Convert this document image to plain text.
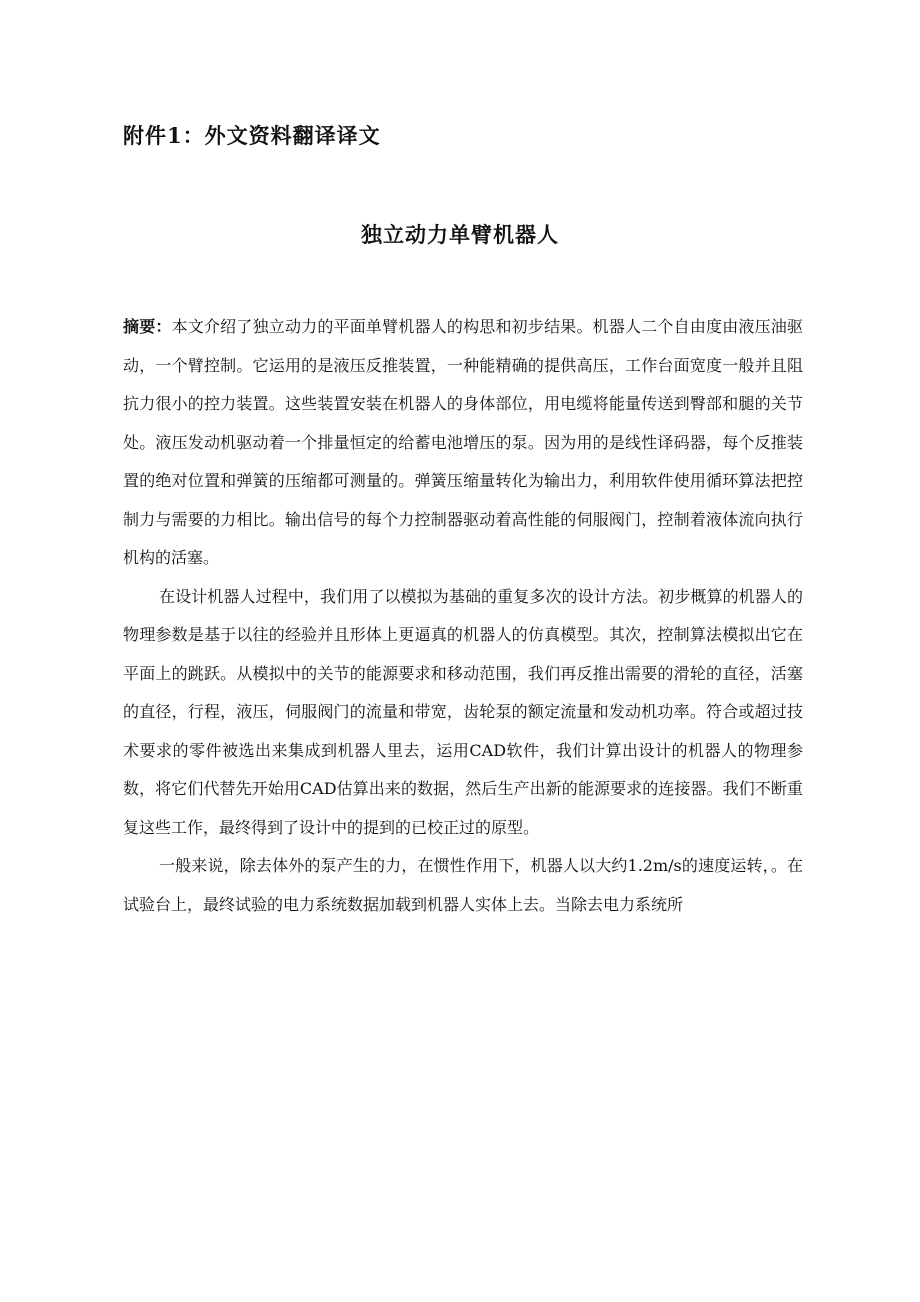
附件1：外文资料翻译译文
独立动力单臂机器人

摘要：本文介绍了独立动力的平面单臂机器人的构思和初步结果。机器人二个自由度由液压油驱动，一个臂控制。它运用的是液压反推装置，一种能精确的提供高压，工作台面宽度一般并且阻抗力很小的控力装置。这些装置安装在机器人的身体部位，用电缆将能量传送到臀部和腿的关节处。液压发动机驱动着一个排量恒定的给蓄电池增压的泵。因为用的是线性译码器，每个反推装置的绝对位置和弹簧的压缩都可测量的。弹簧压缩量转化为输出力，利用软件使用循环算法把控制力与需要的力相比。输出信号的每个力控制器驱动着高性能的伺服阀门，控制着液体流向执行机构的活塞。

在设计机器人过程中，我们用了以模拟为基础的重复多次的设计方法。初步概算的机器人的物理参数是基于以往的经验并且形体上更逼真的机器人的仿真模型。其次，控制算法模拟出它在平面上的跳跃。从模拟中的关节的能源要求和移动范围，我们再反推出需要的滑轮的直径，活塞的直径，行程，液压，伺服阀门的流量和带宽，齿轮泵的额定流量和发动机功率。符合或超过技术要求的零件被选出来集成到机器人里去，运用CAD软件，我们计算出设计的机器人的物理参数，将它们代替先开始用CAD估算出来的数据，然后生产出新的能源要求的连接器。我们不断重复这些工作，最终得到了设计中的提到的已校正过的原型。

一般来说，除去体外的泵产生的力，在惯性作用下，机器人以大约1.2m/s的速度运转，。在试验台上，最终试验的电力系统数据加载到机器人实体上去。当除去电力系统所
